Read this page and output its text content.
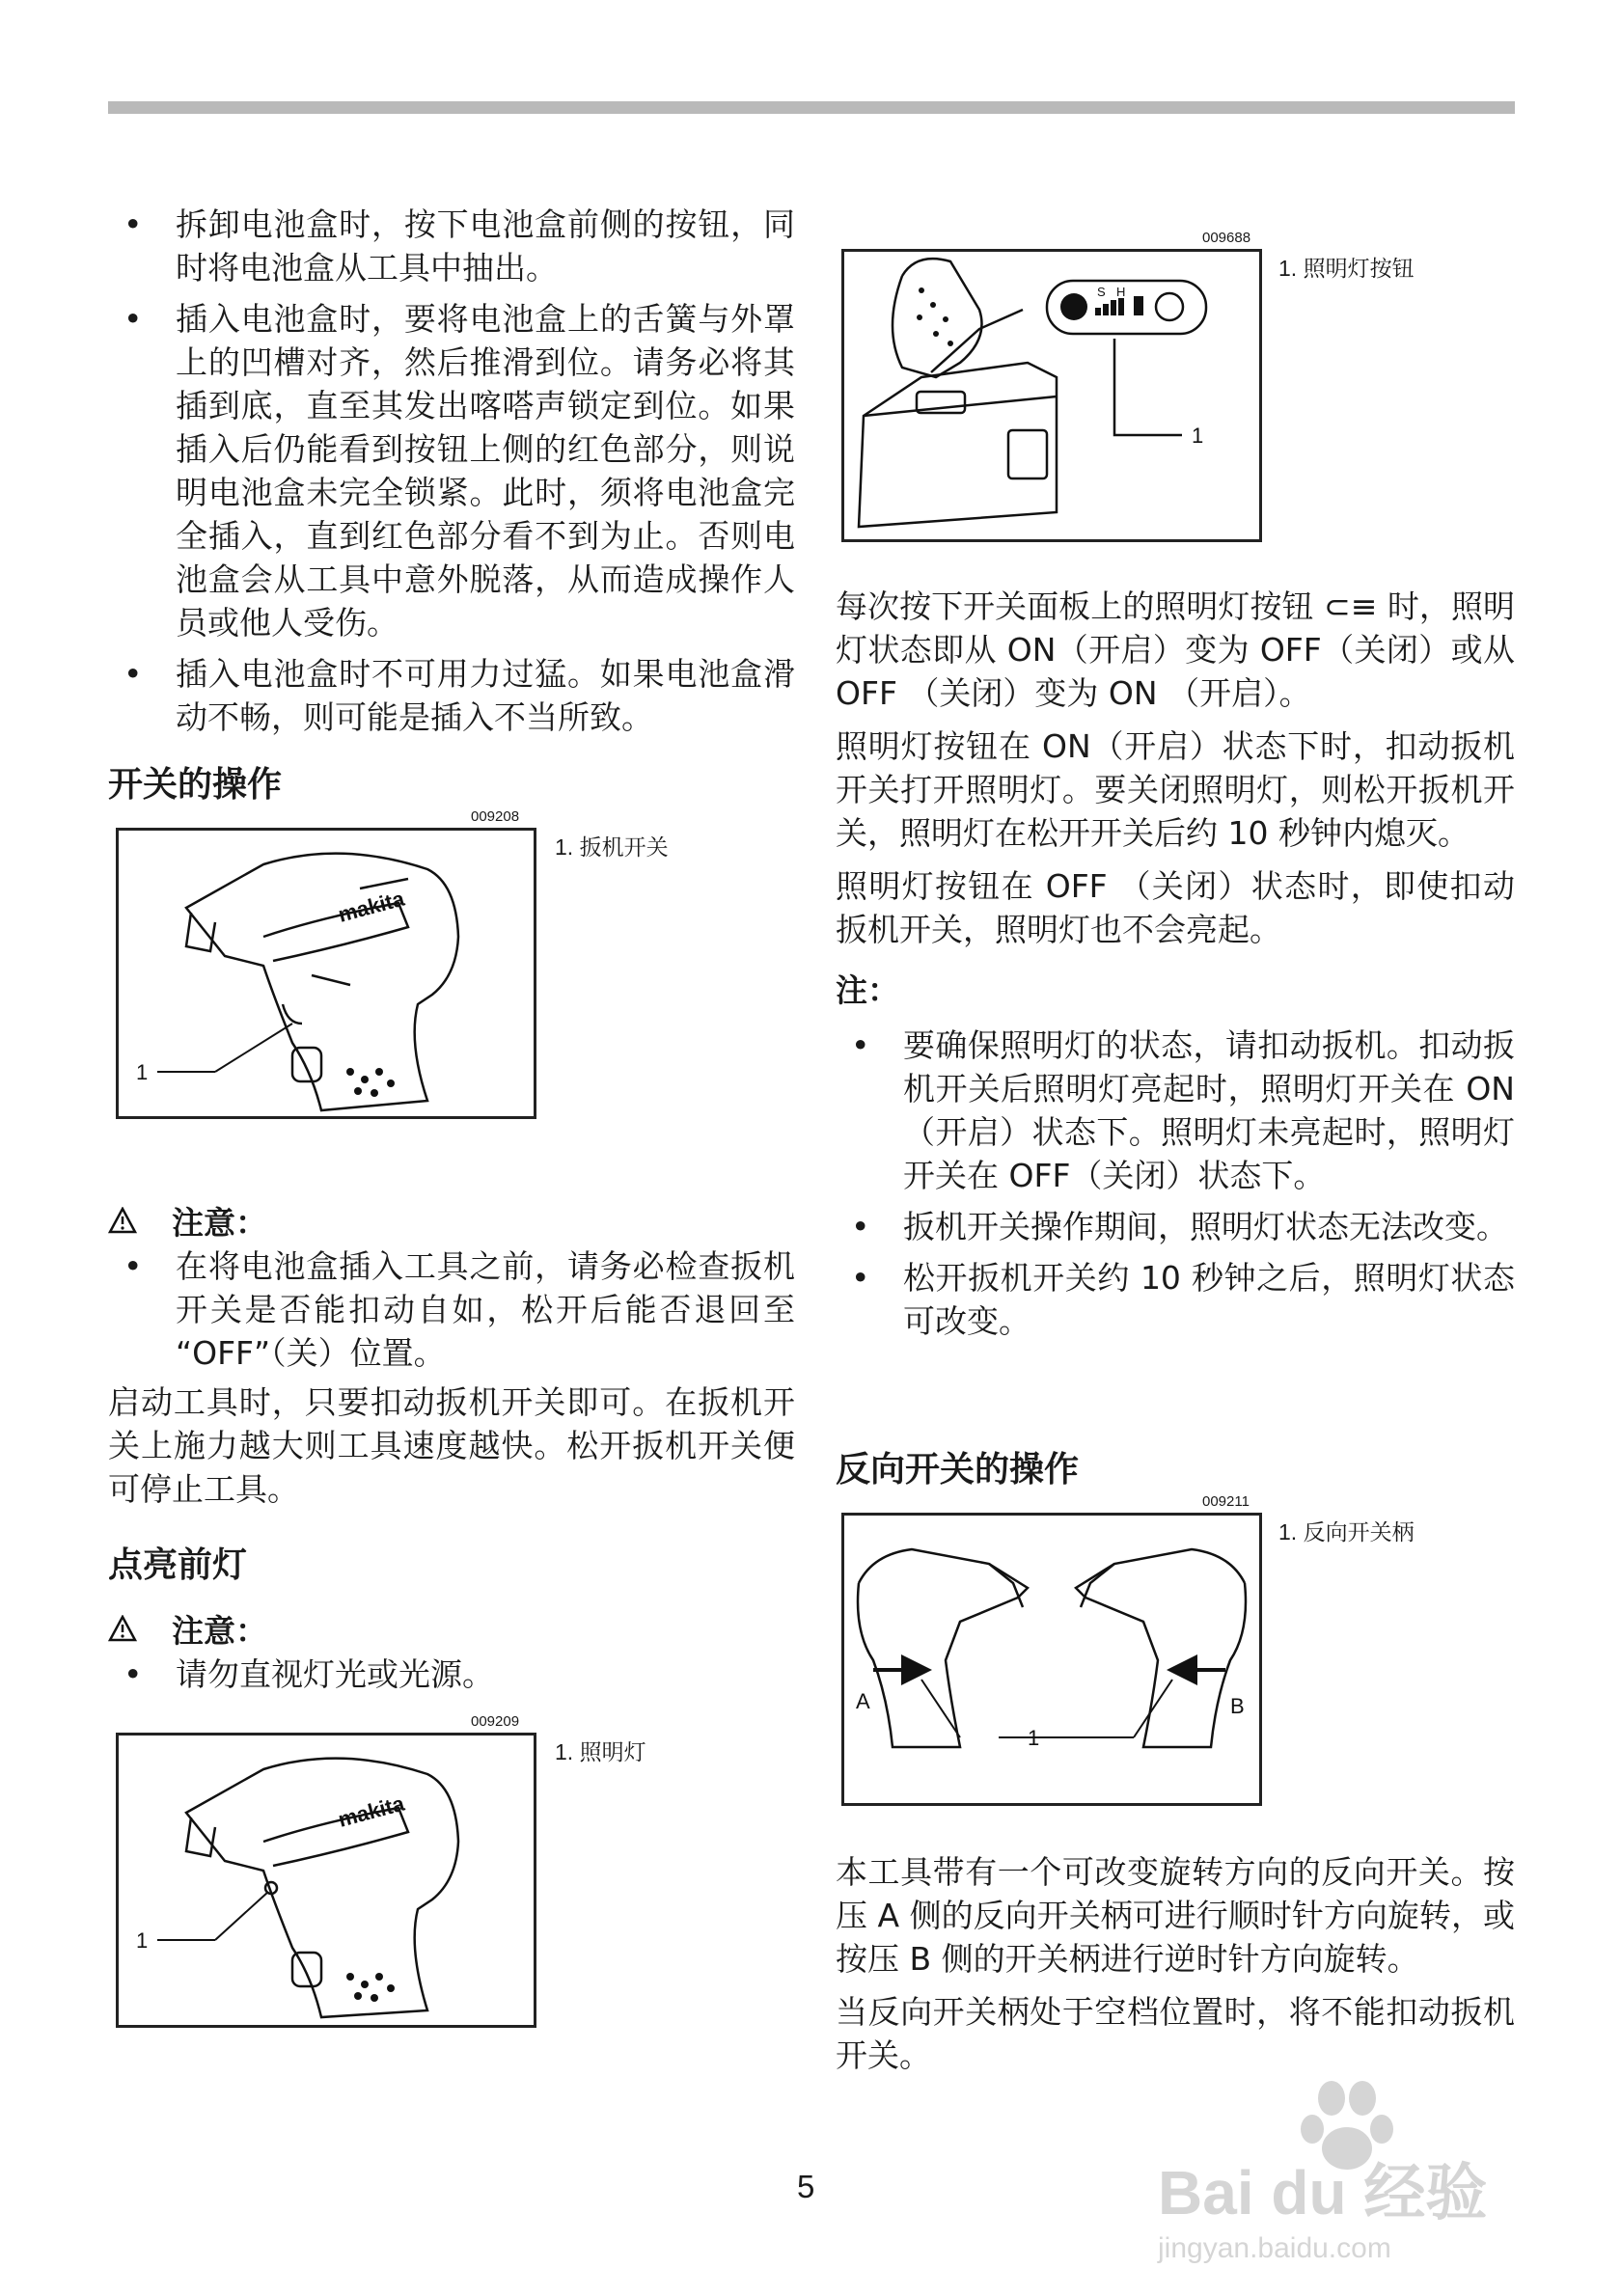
• 拆卸电池盒时，按下电池盒前侧的按钮，同时将电池盒从工具中抽出。

• 插入电池盒时，要将电池盒上的舌簧与外罩上的凹槽对齐，然后推滑到位。请务必将其插到底，直至其发出喀嗒声锁定到位。如果插入后仍能看到按钮上侧的红色部分，则说明电池盒未完全锁紧。此时，须将电池盒完全插入，直到红色部分看不到为止。否则电池盒会从工具中意外脱落，从而造成操作人员或他人受伤。

• 插入电池盒时不可用力过猛。如果电池盒滑动不畅，则可能是插入不当所致。

开关的操作
009208
makita
1
1. 扳机开关
注意：

• 在将电池盒插入工具之前，请务必检查扳机开关是否能扣动自如，松开后能否退回至 “OFF”（关）位置。

启动工具时，只要扣动扳机开关即可。在扳机开关上施力越大则工具速度越快。松开扳机开关便可停止工具。

点亮前灯
注意：

• 请勿直视灯光或光源。

009209
makita
1
1. 照明灯
009688
S H
1
1. 照明灯按钮

每次按下开关面板上的照明灯按钮 ⊂≡ 时，照明灯状态即从 ON（开启）变为 OFF（关闭）或从 OFF （关闭）变为 ON （开启）。

照明灯按钮在 ON（开启）状态下时，扣动扳机开关打开照明灯。要关闭照明灯，则松开扳机开关，照明灯在松开开关后约 10 秒钟内熄灭。

照明灯按钮在 OFF （关闭）状态时，即使扣动扳机开关，照明灯也不会亮起。

注：

• 要确保照明灯的状态，请扣动扳机。扣动扳机开关后照明灯亮起时，照明灯开关在 ON （开启）状态下。照明灯未亮起时，照明灯开关在 OFF（关闭）状态下。

• 扳机开关操作期间，照明灯状态无法改变。

• 松开扳机开关约 10 秒钟之后，照明灯状态可改变。

反向开关的操作
009211
A	B
1
1. 反向开关柄

本工具带有一个可改变旋转方向的反向开关。按压 A 侧的反向开关柄可进行顺时针方向旋转，或按压 B 侧的开关柄进行逆时针方向旋转。

当反向开关柄处于空档位置时，将不能扣动扳机开关。

5	Bai du 经验
jingyan.baidu.com
